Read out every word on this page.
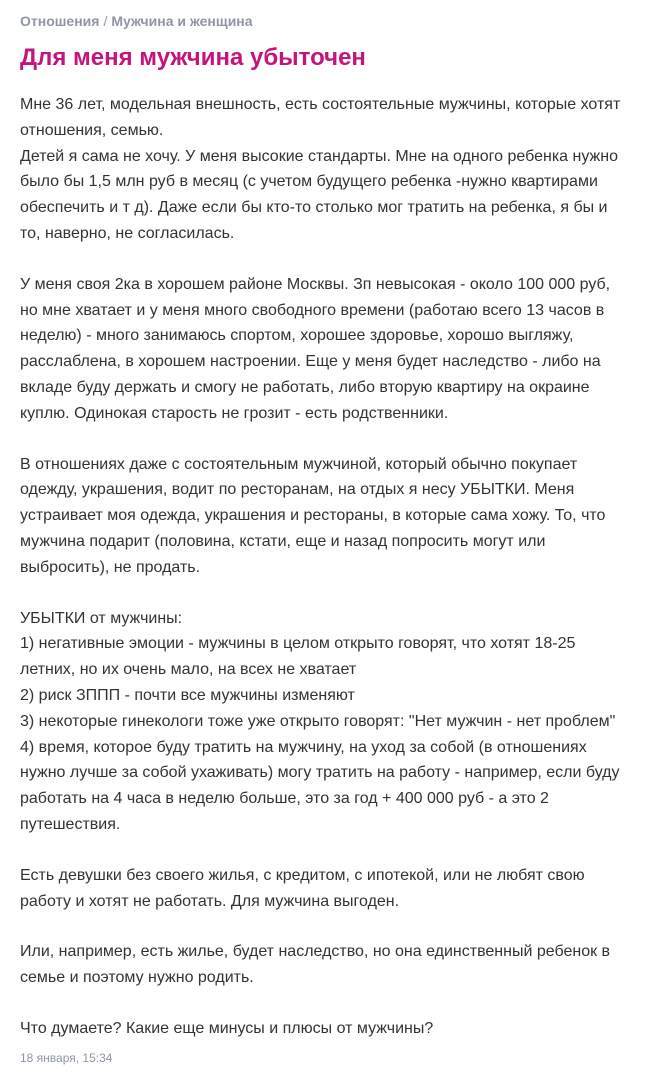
Отношения / Мужчина и женщина
Для меня мужчина убыточен

Мне 36 лет, модельная внешность, есть состоятельные мужчины, которые хотят
отношения, семью.
Детей я сама не хочу. У меня высокие стандарты. Мне на одного ребенка нужно
было бы 1,5 млн руб в месяц (с учетом будущего ребенка -нужно квартирами
обеспечить и т д). Даже если бы кто-то столько мог тратить на ребенка, я бы и
то, наверно, не согласилась.

У меня своя 2ка в хорошем районе Москвы. Зп невысокая - около 100 000 руб,
но мне хватает и у меня много свободного времени (работаю всего 13 часов в
неделю) - много занимаюсь спортом, хорошее здоровье, хорошо выгляжу,
расслаблена, в хорошем настроении. Еще у меня будет наследство - либо на
вкладе буду держать и смогу не работать, либо вторую квартиру на окраине
куплю. Одинокая старость не грозит - есть родственники.

В отношениях даже с состоятельным мужчиной, который обычно покупает
одежду, украшения, водит по ресторанам, на отдых я несу УБЫТКИ. Меня
устраивает моя одежда, украшения и рестораны, в которые сама хожу. То, что
мужчина подарит (половина, кстати, еще и назад попросить могут или
выбросить), не продать.

УБЫТКИ от мужчины:
1) негативные эмоции - мужчины в целом открыто говорят, что хотят 18-25
летних, но их очень мало, на всех не хватает
2) риск ЗППП - почти все мужчины изменяют
3) некоторые гинекологи тоже уже открыто говорят: "Нет мужчин - нет проблем"
4) время, которое буду тратить на мужчину, на уход за собой (в отношениях
нужно лучше за собой ухаживать) могу тратить на работу - например, если буду
работать на 4 часа в неделю больше, это за год + 400 000 руб - а это 2
путешествия.

Есть девушки без своего жилья, с кредитом, с ипотекой, или не любят свою
работу и хотят не работать. Для мужчина выгоден.

Или, например, есть жилье, будет наследство, но она единственный ребенок в
семье и поэтому нужно родить.

Что думаете? Какие еще минусы и плюсы от мужчины?

18 января, 15:34
